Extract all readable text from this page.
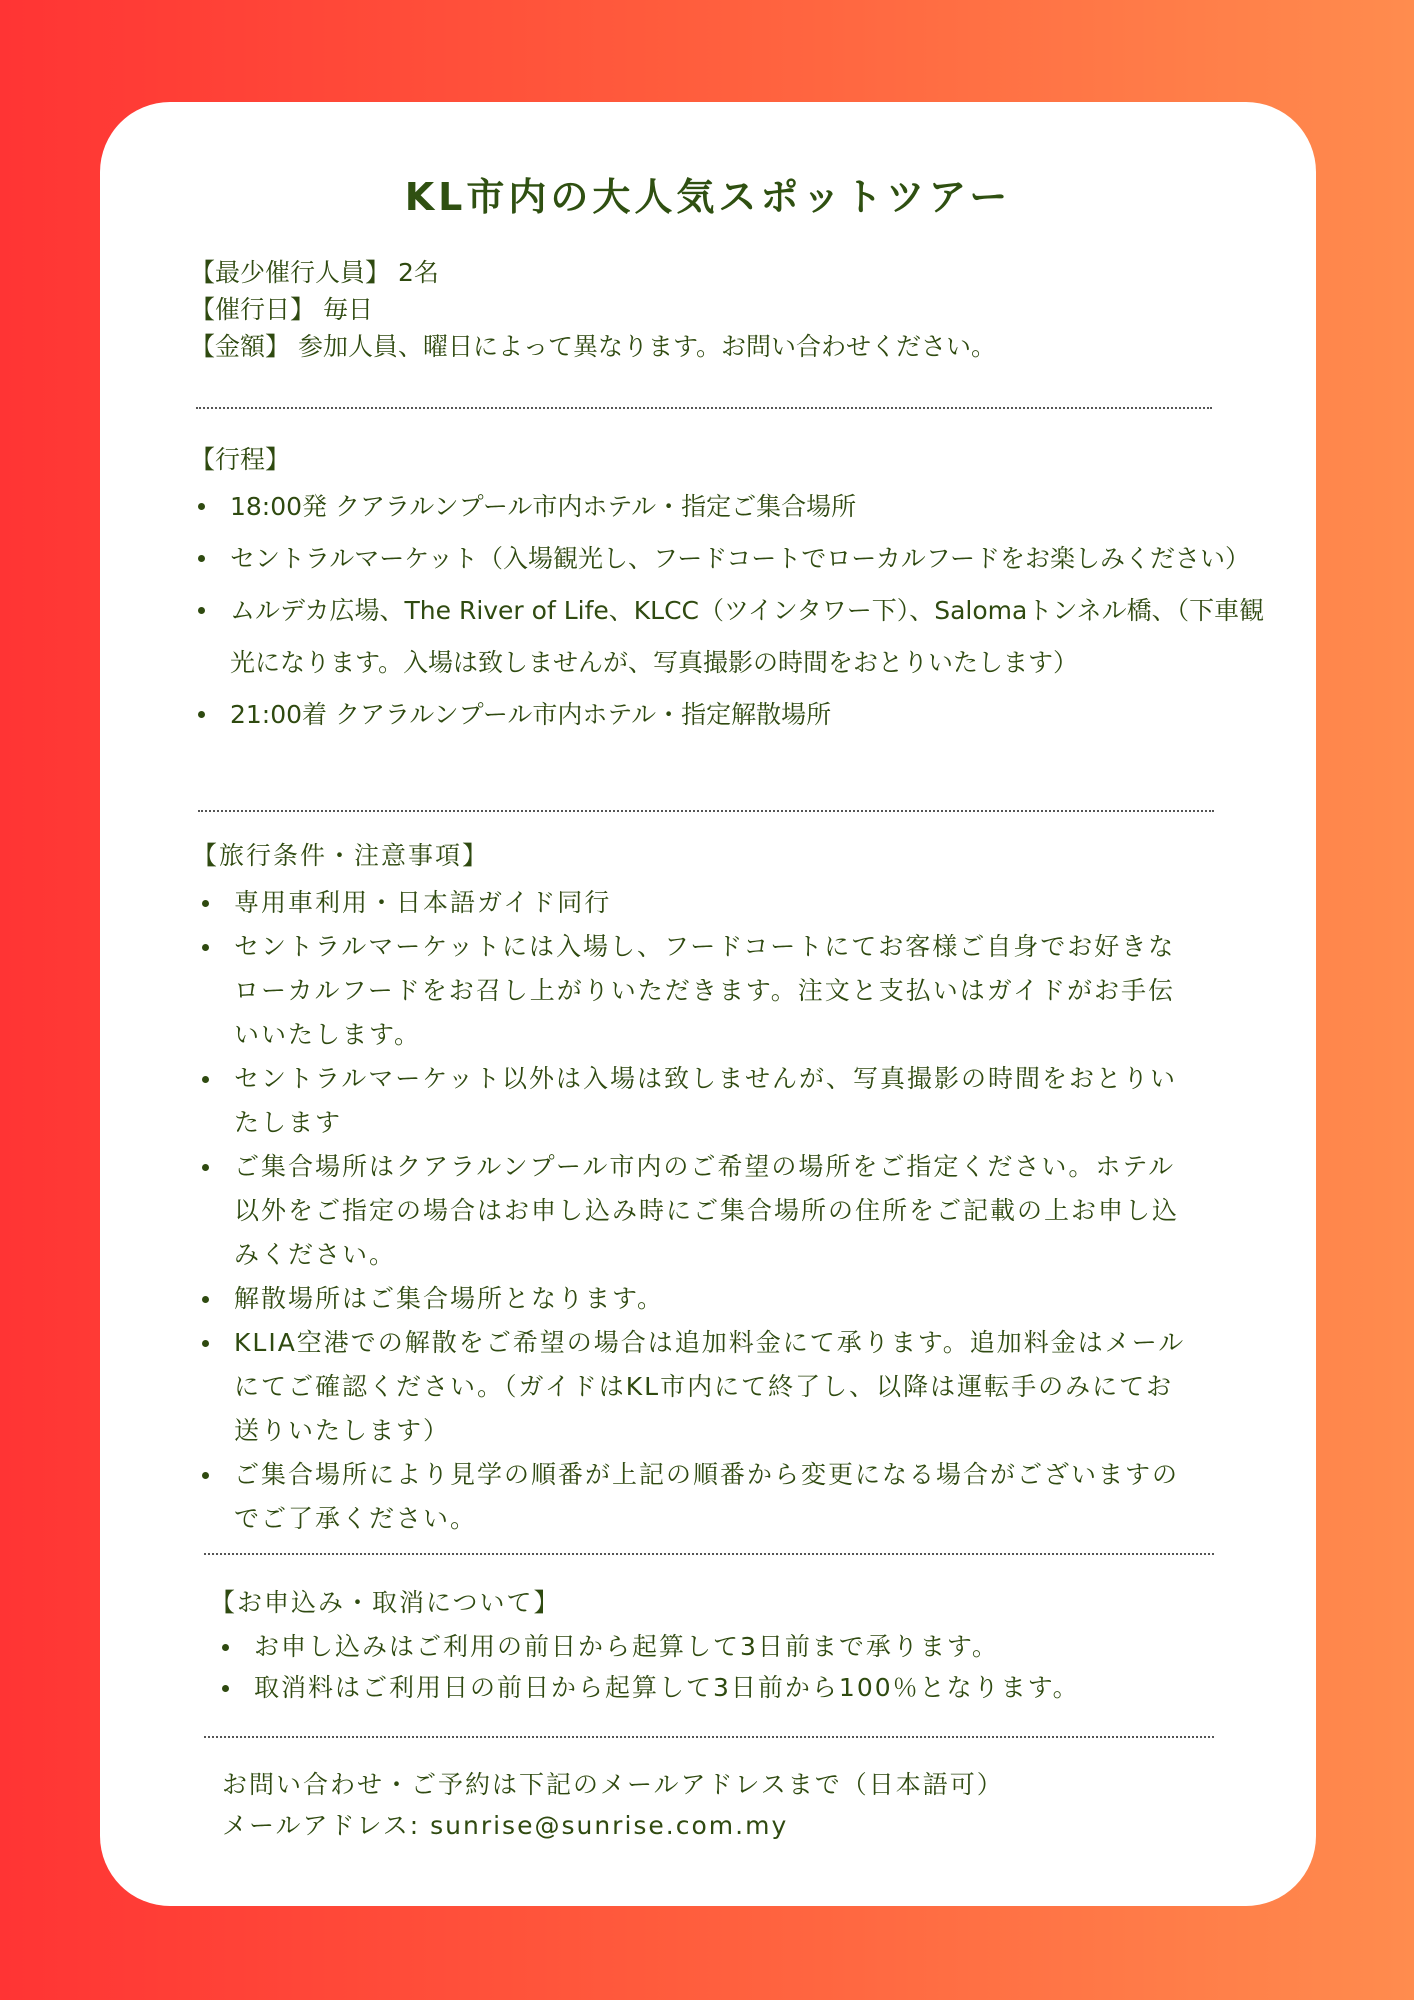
KL市内の大人気スポットツアー
【最少催行人員】 2名
【催行日】 毎日
【金額】 参加人員、曜日によって異なります。お問い合わせください。
【行程】
18:00発 クアラルンプール市内ホテル・指定ご集合場所
セントラルマーケット（入場観光し、フードコートでローカルフードをお楽しみください）
ムルデカ広場、The River of Life、KLCC（ツインタワー下）、Salomaトンネル橋、（下車観光になります。入場は致しませんが、写真撮影の時間をおとりいたします）
21:00着 クアラルンプール市内ホテル・指定解散場所
【旅行条件・注意事項】
専用車利用・日本語ガイド同行
セントラルマーケットには入場し、フードコートにてお客様ご自身でお好きなローカルフードをお召し上がりいただきます。注文と支払いはガイドがお手伝いいたします。
セントラルマーケット以外は入場は致しませんが、写真撮影の時間をおとりいたします
ご集合場所はクアラルンプール市内のご希望の場所をご指定ください。ホテル以外をご指定の場合はお申し込み時にご集合場所の住所をご記載の上お申し込みください。
解散場所はご集合場所となります。
KLIA空港での解散をご希望の場合は追加料金にて承ります。追加料金はメールにてご確認ください。（ガイドはKL市内にて終了し、以降は運転手のみにてお送りいたします）
ご集合場所により見学の順番が上記の順番から変更になる場合がございますのでご了承ください。
【お申込み・取消について】
お申し込みはご利用の前日から起算して3日前まで承ります。
取消料はご利用日の前日から起算して3日前から100％となります。
お問い合わせ・ご予約は下記のメールアドレスまで（日本語可）
メールアドレス: sunrise@sunrise.com.my
